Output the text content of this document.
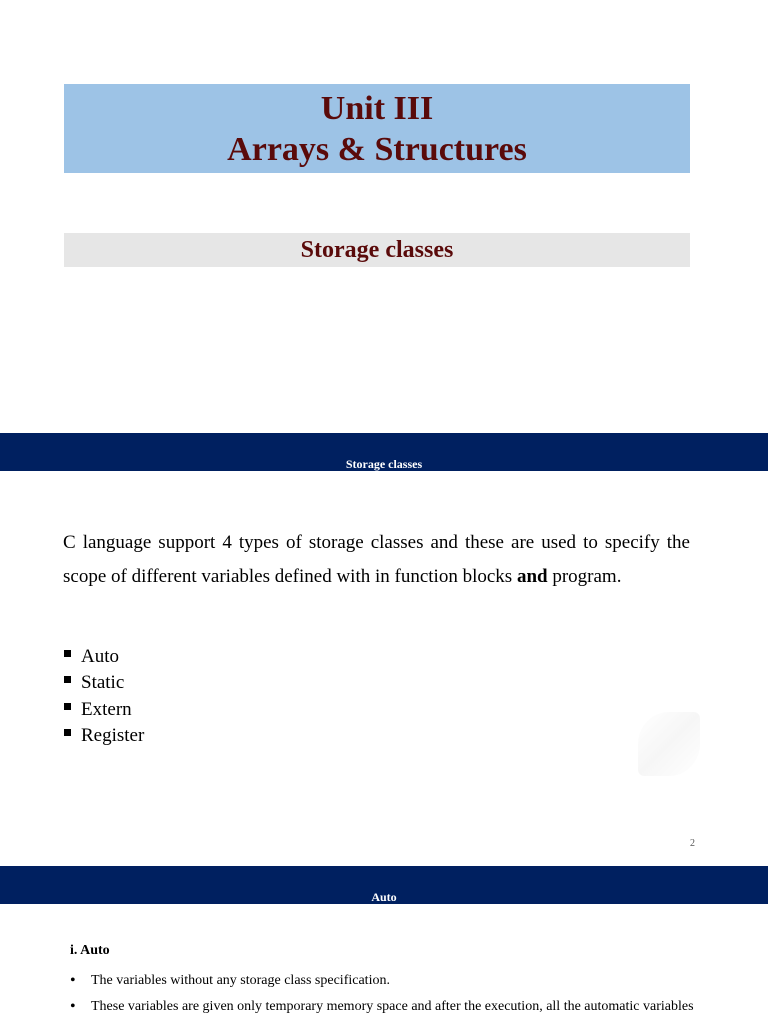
Unit III
Arrays & Structures
Storage classes
Storage classes
C language support 4 types of storage classes and these are used to specify the scope of different variables defined with in function blocks and program.
Auto
Static
Extern
Register
2
Auto
i. Auto
• The variables without any storage class specification.
• These variables are given only temporary memory space and after the execution, all the automatic variables
